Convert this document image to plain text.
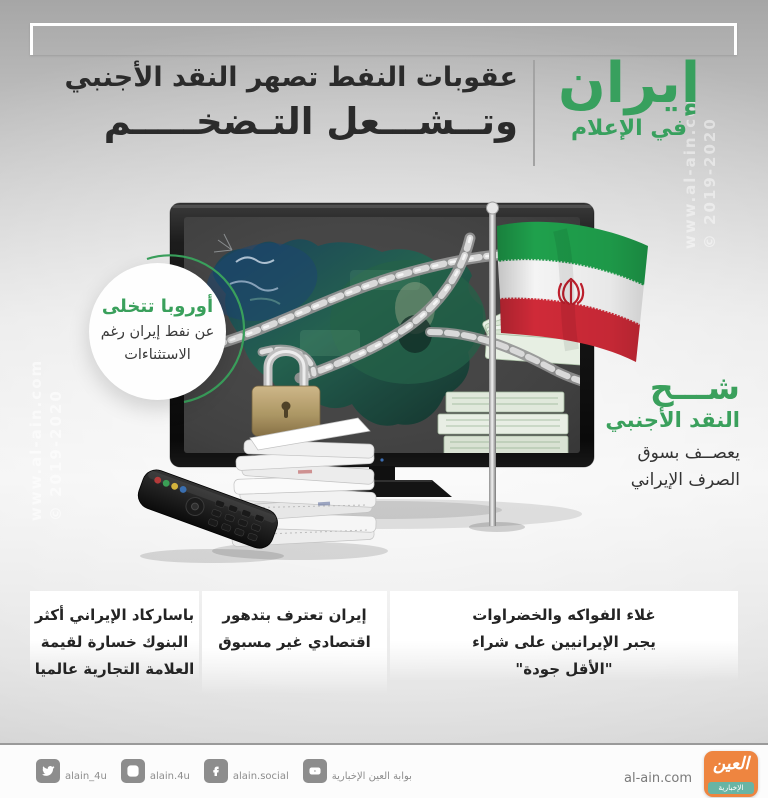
www.al-ain.com © 2019-2020
www.al-ain.com © 2019-2020
إيران
في الإعلام
عقوبات النفط تصهر النقد الأجنبي
وتــشـــعل التـضخـــــم
أوروبا تتخلى
عن نفط إيران رغم
الاستثناءات
شـــح
النقد الأجنبي
يعصــف بسوق
الصرف الإيراني
باساركاد الإيراني أكثر
البنوك خسارة لقيمة
العلامة التجارية عالميا
إيران تعترف بتدهور
اقتصادي غير مسبوق
غلاء الفواكه والخضراوات
يجبر الإيرانيين على شراء
"الأقل جودة"
alain_4u	alain.4u	alain.social	بوابة العين الإخبارية	al-ain.com
العين
الإخبارية
